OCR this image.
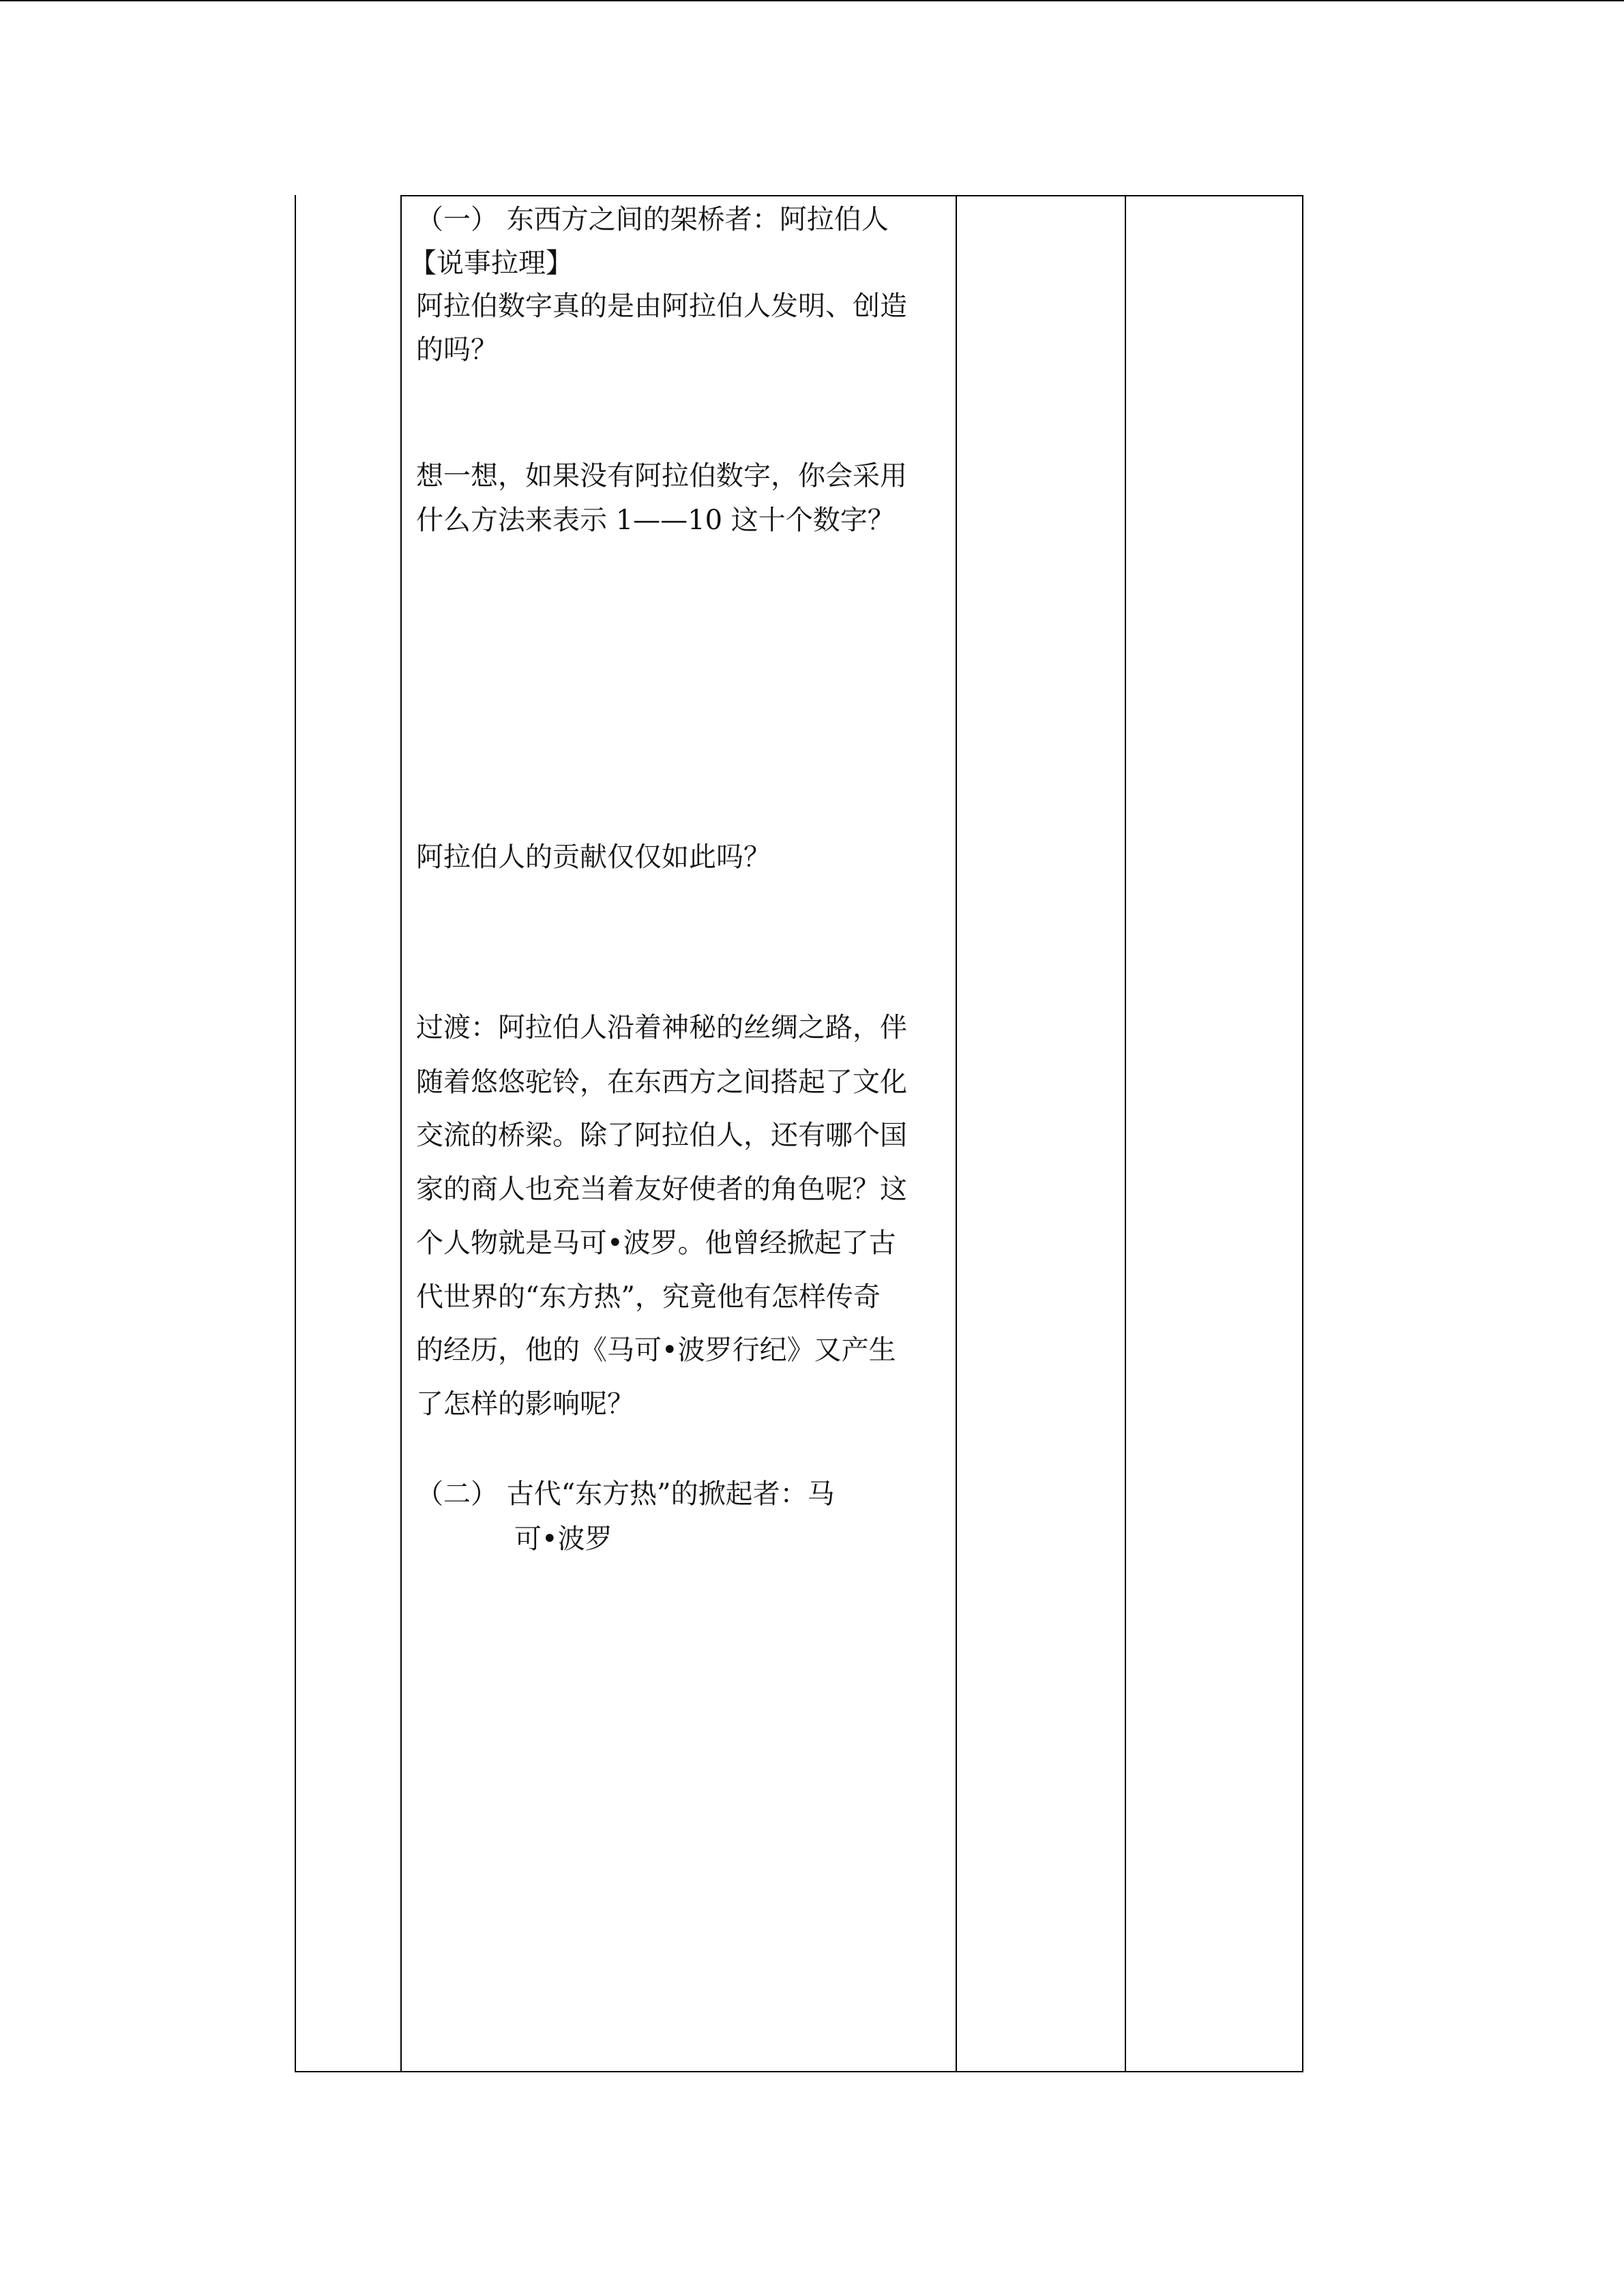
（一） 东西方之间的架桥者：阿拉伯人

【说事拉理】

阿拉伯数字真的是由阿拉伯人发明、创造

的吗？

想一想，如果没有阿拉伯数字，你会采用

什么方法来表示 1——10 这十个数字？

阿拉伯人的贡献仅仅如此吗？

过渡：阿拉伯人沿着神秘的丝绸之路，伴

随着悠悠驼铃，在东西方之间搭起了文化

交流的桥梁。除了阿拉伯人，还有哪个国

家的商人也充当着友好使者的角色呢？这

个人物就是马可•波罗。他曾经掀起了古

代世界的“东方热”，究竟他有怎样传奇

的经历，他的《马可•波罗行纪》又产生

了怎样的影响呢？

（二） 古代“东方热”的掀起者：马

可•波罗
